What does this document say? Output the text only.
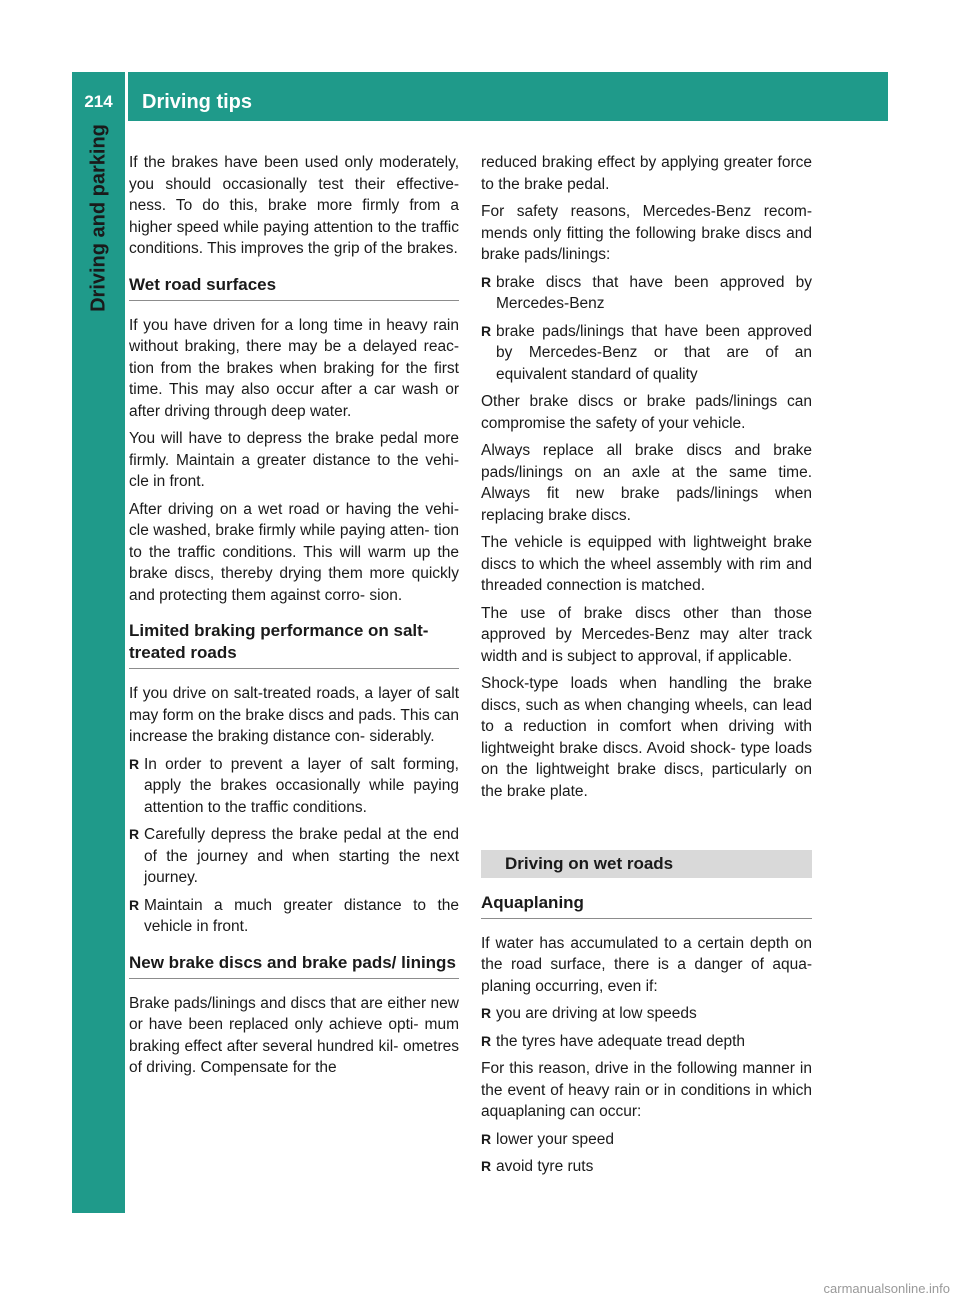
214	Driving tips
Driving and parking If the brakes have been used only moderately, you should occasionally test their effective- ness. To do this, brake more firmly from a higher speed while paying attention to the traffic conditions. This improves the grip of the brakes.

Wet road surfaces

If you have driven for a long time in heavy rain without braking, there may be a delayed reac- tion from the brakes when braking for the first time. This may also occur after a car wash or after driving through deep water.

You will have to depress the brake pedal more firmly. Maintain a greater distance to the vehi- cle in front.

After driving on a wet road or having the vehi- cle washed, brake firmly while paying atten- tion to the traffic conditions. This will warm up the brake discs, thereby drying them more quickly and protecting them against corro- sion.

Limited braking performance on salt- treated roads

If you drive on salt-treated roads, a layer of salt may form on the brake discs and pads. This can increase the braking distance con- siderably.

R In order to prevent a layer of salt forming, apply the brakes occasionally while paying attention to the traffic conditions.
R Carefully depress the brake pedal at the end of the journey and when starting the next journey.
R Maintain a much greater distance to the vehicle in front.
New brake discs and brake pads/ linings

Brake pads/linings and discs that are either new or have been replaced only achieve opti- mum braking effect after several hundred kil- ometres of driving. Compensate for the

reduced braking effect by applying greater force to the brake pedal.

For safety reasons, Mercedes-Benz recom- mends only fitting the following brake discs and brake pads/linings:

R brake discs that have been approved by Mercedes-Benz
R brake pads/linings that have been approved by Mercedes-Benz or that are of an equivalent standard of quality

Other brake discs or brake pads/linings can compromise the safety of your vehicle.

Always replace all brake discs and brake pads/linings on an axle at the same time. Always fit new brake pads/linings when replacing brake discs.

The vehicle is equipped with lightweight brake discs to which the wheel assembly with rim and threaded connection is matched.

The use of brake discs other than those approved by Mercedes-Benz may alter track width and is subject to approval, if applicable.

Shock-type loads when handling the brake discs, such as when changing wheels, can lead to a reduction in comfort when driving with lightweight brake discs. Avoid shock- type loads on the lightweight brake discs, particularly on the brake plate.

Driving on wet roads
Aquaplaning

If water has accumulated to a certain depth on the road surface, there is a danger of aqua- planing occurring, even if:

R you are driving at low speeds
R the tyres have adequate tread depth

For this reason, drive in the following manner in the event of heavy rain or in conditions in which aquaplaning can occur:

R lower your speed
R avoid tyre ruts
carmanualsonline.info
